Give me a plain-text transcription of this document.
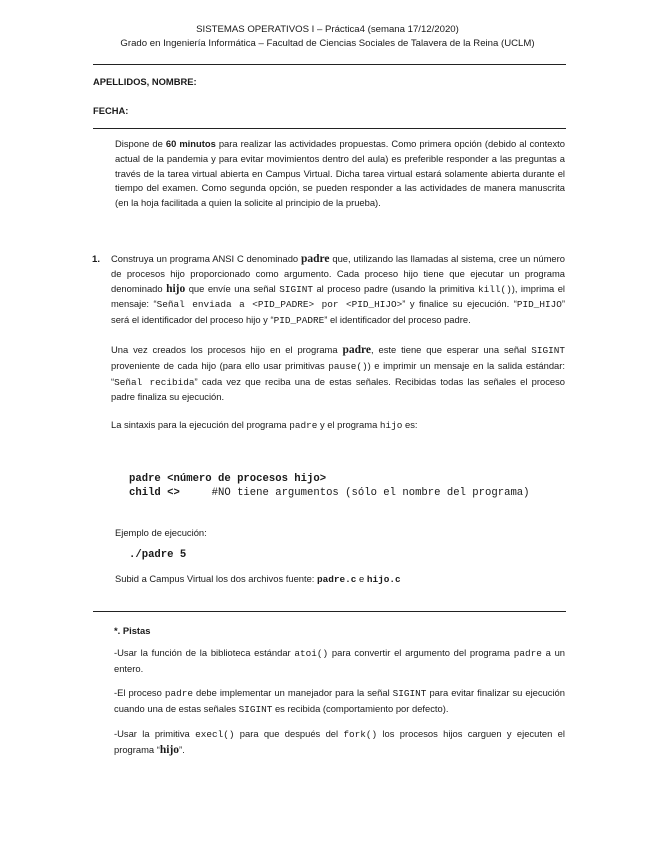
SISTEMAS OPERATIVOS I – Práctica4 (semana 17/12/2020)
Grado en Ingeniería Informática – Facultad de Ciencias Sociales de Talavera de la Reina (UCLM)
APELLIDOS, NOMBRE:
FECHA:

Dispone de 60 minutos para realizar las actividades propuestas. Como primera opción (debido al contexto actual de la pandemia y para evitar movimientos dentro del aula) es preferible responder a las preguntas a través de la tarea virtual abierta en Campus Virtual. Dicha tarea virtual estará solamente abierta durante el tiempo del examen. Como segunda opción, se pueden responder a las actividades de manera manuscrita (en la hoja facilitada a quien la solicite al principio de la prueba).

1. Construya un programa ANSI C denominado padre que, utilizando las llamadas al sistema, cree un número de procesos hijo proporcionado como argumento. Cada proceso hijo tiene que ejecutar un programa denominado hijo que envíe una señal SIGINT al proceso padre (usando la primitiva kill()), imprima el mensaje: “Señal enviada a <PID_PADRE> por <PID_HIJO>” y finalice su ejecución. “PID_HIJO” será el identificador del proceso hijo y “PID_PADRE” el identificador del proceso padre.

Una vez creados los procesos hijo en el programa padre, este tiene que esperar una señal SIGINT proveniente de cada hijo (para ello usar primitivas pause()) e imprimir un mensaje en la salida estándar: “Señal recibida” cada vez que reciba una de estas señales. Recibidas todas las señales el proceso padre finaliza su ejecución.

La sintaxis para la ejecución del programa padre y el programa hijo es:

padre <número de procesos hijo>
child <>     #NO tiene argumentos (sólo el nombre del programa)
Ejemplo de ejecución:
./padre 5

Subid a Campus Virtual los dos archivos fuente: padre.c e hijo.c

*. Pistas

-Usar la función de la biblioteca estándar atoi() para convertir el argumento del programa padre a un entero.

-El proceso padre debe implementar un manejador para la señal SIGINT para evitar finalizar su ejecución cuando una de estas señales SIGINT es recibida (comportamiento por defecto).

-Usar la primitiva execl() para que después del fork() los procesos hijos carguen y ejecuten el programa “hijo”.
